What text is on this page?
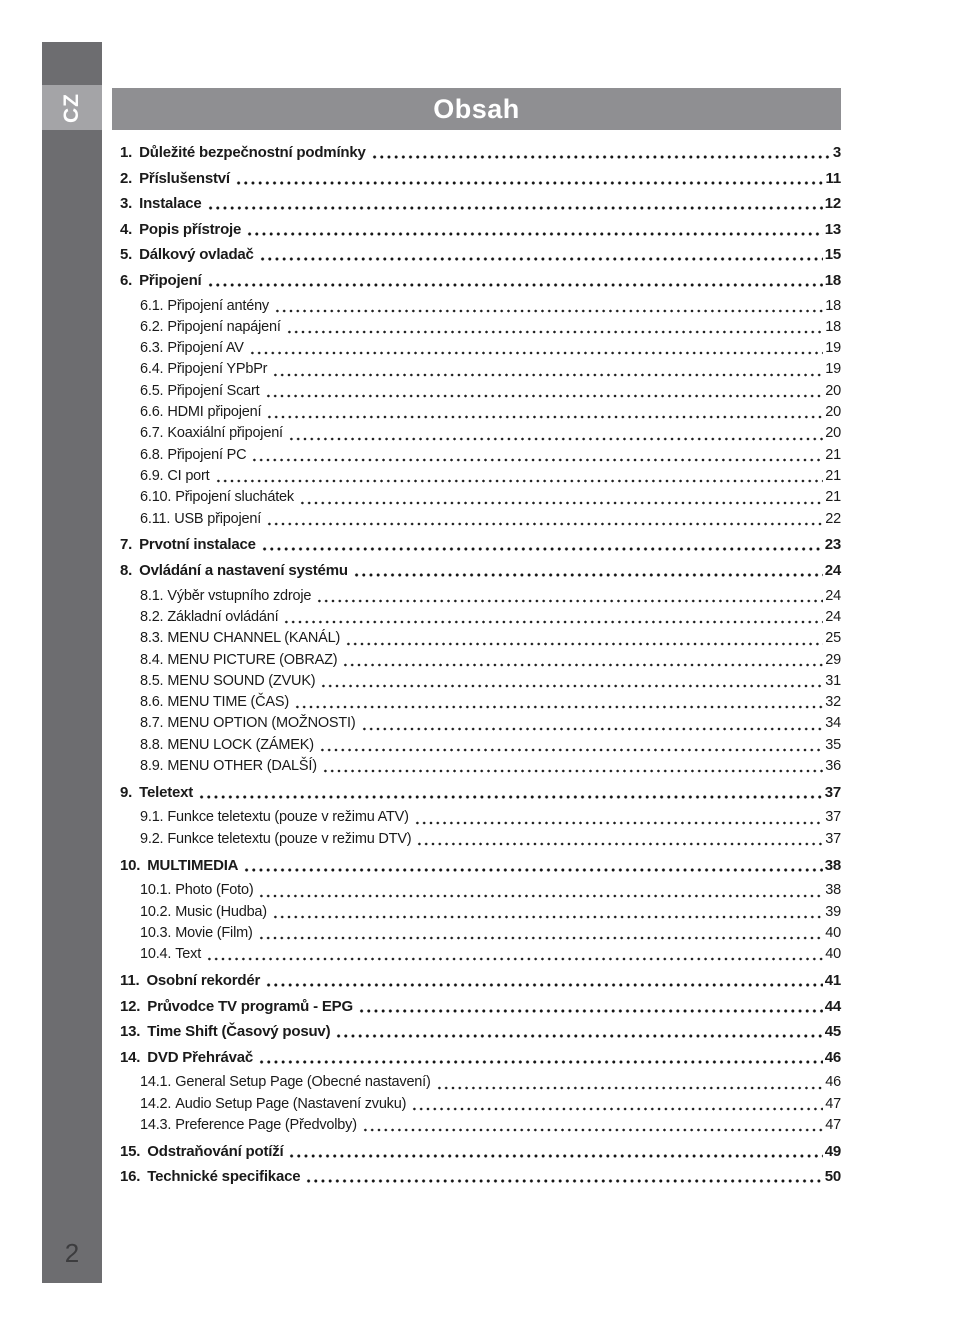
CZ
2
Obsah
1. Důležité bezpečnostní podmínky	3
2. Příslušenství	11
3. Instalace	12
4. Popis přístroje	13
5. Dálkový ovladač	15
6. Připojení	18
6.1. Připojení antény	18
6.2. Připojení napájení	18
6.3. Připojení AV	19
6.4. Připojení YPbPr	19
6.5. Připojení Scart	20
6.6. HDMI připojení	20
6.7. Koaxiální připojení	20
6.8. Připojení PC	21
6.9. CI port	21
6.10. Připojení sluchátek	21
6.11. USB připojení	22
7. Prvotní instalace	23
8. Ovládání a nastavení systému	24
8.1. Výběr vstupního zdroje	24
8.2. Základní ovládání	24
8.3. MENU CHANNEL (KANÁL)	25
8.4. MENU PICTURE (OBRAZ)	29
8.5. MENU SOUND (ZVUK)	31
8.6. MENU TIME (ČAS)	32
8.7. MENU OPTION (MOŽNOSTI)	34
8.8. MENU LOCK (ZÁMEK)	35
8.9. MENU OTHER (DALŠÍ)	36
9. Teletext	37
9.1. Funkce teletextu (pouze v režimu ATV)	37
9.2. Funkce teletextu (pouze v režimu DTV)	37
10. MULTIMEDIA	38
10.1. Photo (Foto)	38
10.2. Music (Hudba)	39
10.3. Movie (Film)	40
10.4. Text	40
11. Osobní rekordér	41
12. Průvodce TV programů - EPG	44
13. Time Shift (Časový posuv)	45
14. DVD Přehrávač	46
14.1. General Setup Page (Obecné nastavení)	46
14.2. Audio Setup Page (Nastavení zvuku)	47
14.3. Preference Page (Předvolby)	47
15. Odstraňování potíží	49
16. Technické specifikace	50
